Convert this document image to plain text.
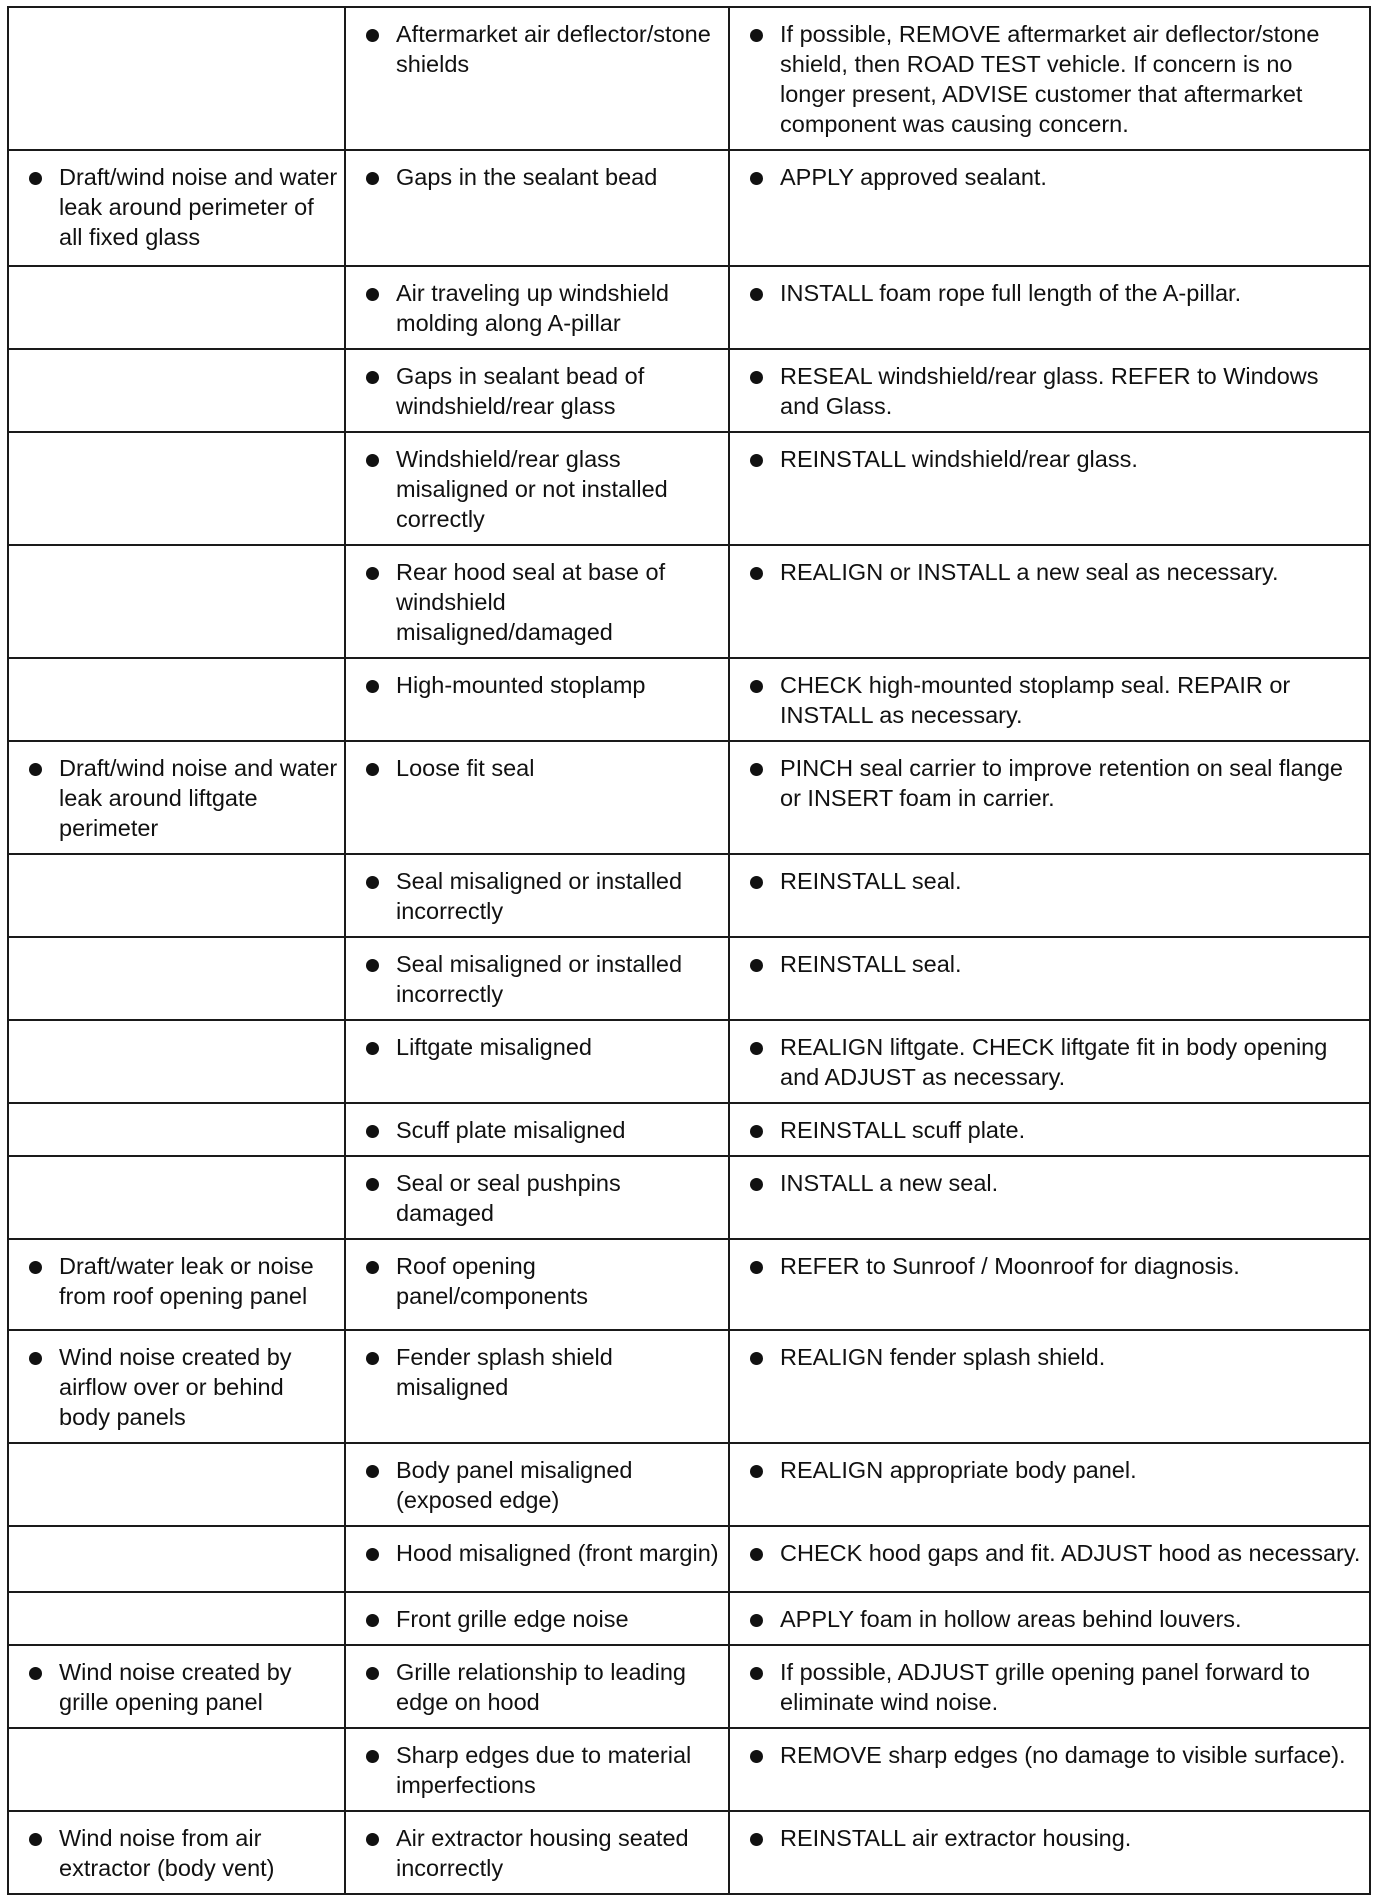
	Aftermarket air deflector/stone shields	If possible, REMOVE aftermarket air deflector/stone shield, then ROAD TEST vehicle. If concern is no longer present, ADVISE customer that aftermarket component was causing concern.

Draft/wind noise and water leak around perimeter of all fixed glass	Gaps in the sealant bead	APPLY approved sealant.

	Air traveling up windshield molding along A-pillar	INSTALL foam rope full length of the A-pillar.

	Gaps in sealant bead of windshield/rear glass	RESEAL windshield/rear glass. REFER to Windows and Glass.

	Windshield/rear glass misaligned or not installed correctly	REINSTALL windshield/rear glass.

	Rear hood seal at base of windshield misaligned/damaged	REALIGN or INSTALL a new seal as necessary.

	High-mounted stoplamp	CHECK high-mounted stoplamp seal. REPAIR or INSTALL as necessary.

Draft/wind noise and water leak around liftgate perimeter	Loose fit seal	PINCH seal carrier to improve retention on seal flange or INSERT foam in carrier.

	Seal misaligned or installed incorrectly	REINSTALL seal.

	Seal misaligned or installed incorrectly	REINSTALL seal.

	Liftgate misaligned	REALIGN liftgate. CHECK liftgate fit in body opening and ADJUST as necessary.

	Scuff plate misaligned	REINSTALL scuff plate.

	Seal or seal pushpins damaged	INSTALL a new seal.

Draft/water leak or noise from roof opening panel	Roof opening panel/components	REFER to Sunroof / Moonroof for diagnosis.

Wind noise created by airflow over or behind body panels	Fender splash shield misaligned	REALIGN fender splash shield.

	Body panel misaligned (exposed edge)	REALIGN appropriate body panel.

	Hood misaligned (front margin)	CHECK hood gaps and fit. ADJUST hood as necessary.

	Front grille edge noise	APPLY foam in hollow areas behind louvers.

Wind noise created by grille opening panel	Grille relationship to leading edge on hood	If possible, ADJUST grille opening panel forward to eliminate wind noise.

	Sharp edges due to material imperfections	REMOVE sharp edges (no damage to visible surface).

Wind noise from air extractor (body vent)	Air extractor housing seated incorrectly	REINSTALL air extractor housing.
